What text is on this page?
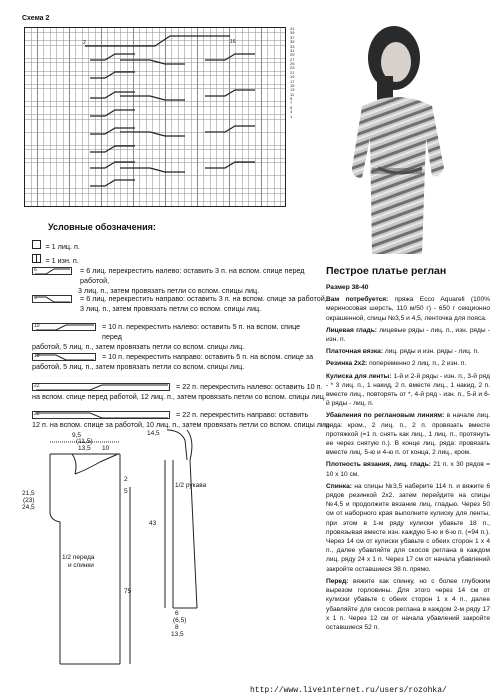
Схема 2
2	16
41
39
37
35
33
31
29
27
25
23
21
19
17
15
13
11
9
7
5
3
1
Условные обозначения:
= 1 лиц. п.
= 1 изн. п.
6	= 6 лиц. перекрестить налево: оставить 3 п. на вспом. спице перед работой,
3 лиц. п., затем провязать петли со вспом. спицы лиц.
6	= 6 лиц. перекрестить направо: оставить 3 п. на вспом. спице за работой,
3 лиц. п., затем провязать петли со вспом. спицы лиц.
10	= 10 п. перекрестить налево: оставить 5 п. на вспом. спице перед
работой, 5 лиц. п., затем провязать петли со вспом. спицы лиц.
10	= 10 п. перекрестить направо: оставить 5 п. на вспом. спице за
работой, 5 лиц. п., затем провязать петли со вспом. спицы лиц.
22	= 22 п. перекрестить налево: оставить 10 п.
на вспом. спице перед работой, 12 лиц. п., затем провязать петли со вспом. спицы лиц.
22	= 22 п. перекрестить направо: оставить
12 п. на вспом. спице за работой, 10 лиц. п., затем провязать петли со вспом. спицы лиц.
9,5
(11,5)
13,5 10
21,5
(23)
24,5
2
5
75
1/2 переда
и спинки
14,5
1/2 рукава
43
6
(6,5)
8
13,5
Пестрое платье реглан
Размер 38-40
Вам потребуется: пряжа Ecco Aquarell (100% мериносовая шерсть, 110 м/50 г) - 650 г секционно окрашенной, спицы №3,5 и 4,5, ленточка для пояса.
Лицевая гладь: лицевые ряды - лиц. п., изн. ряды - изн. п.
Платочная вязка: лиц. ряды и изн. ряды - лиц. п.
Резинка 2x2: попеременно 2 лиц. п., 2 изн. п.
Кулиска для ленты: 1-й и 2-й ряды - изн. п., 3-й ряд - * 3 лиц. п., 1 накид, 2 п. вместе лиц., 1 накид, 2 п. вместе лиц., повторять от *, 4-й ряд - изн. п., 5-й и 6-й ряды - лиц. п.
Убавления по реглановым линиям: в начале лиц. ряда: кром., 2 лиц. п., 2 п. провязать вместе протяжкой (=1 п. снять как лиц., 1 лиц. п., протянуть ее через снятую п.). В конце лиц. ряда: провязать вместе лиц. 5-ю и 4-ю п. от конца, 2 лиц., кром.
Плотность вязания, лиц. гладь: 21 п. x 30 рядов = 10 x 10 см.
Спинка: на спицы №3,5 наберите 114 п. и вяжите 6 рядов резинкой 2x2, затем перейдите на спицы №4,5 и продолжите вязание лиц. гладью. Через 50 см от наборного края выполните кулиску для ленты, при этом в 1-м ряду кулиски убавьте 18 п., провязывая вместе изн. каждую 5-ю и 6-ю п. (=94 п.). Через 14 см от кулиски убавьте с обеих сторон 1 x 4 п., далее убавляйте для скосов реглана в каждом лиц. ряду 24 x 1 п. Через 17 см от начала убавлений закройте оставшиеся 38 п. прямо.
Перед: вяжите как спинку, но с более глубоким вырезом горловины. Для этого через 14 см от кулиски убавьте с обеих сторон 1 x 4 п., далее убавляйте для скосов реглана в каждом 2-м ряду 17 x 1 п. Через 12 см от начала убавлений закройте оставшиеся 52 п.
http://www.liveinternet.ru/users/rozohka/
